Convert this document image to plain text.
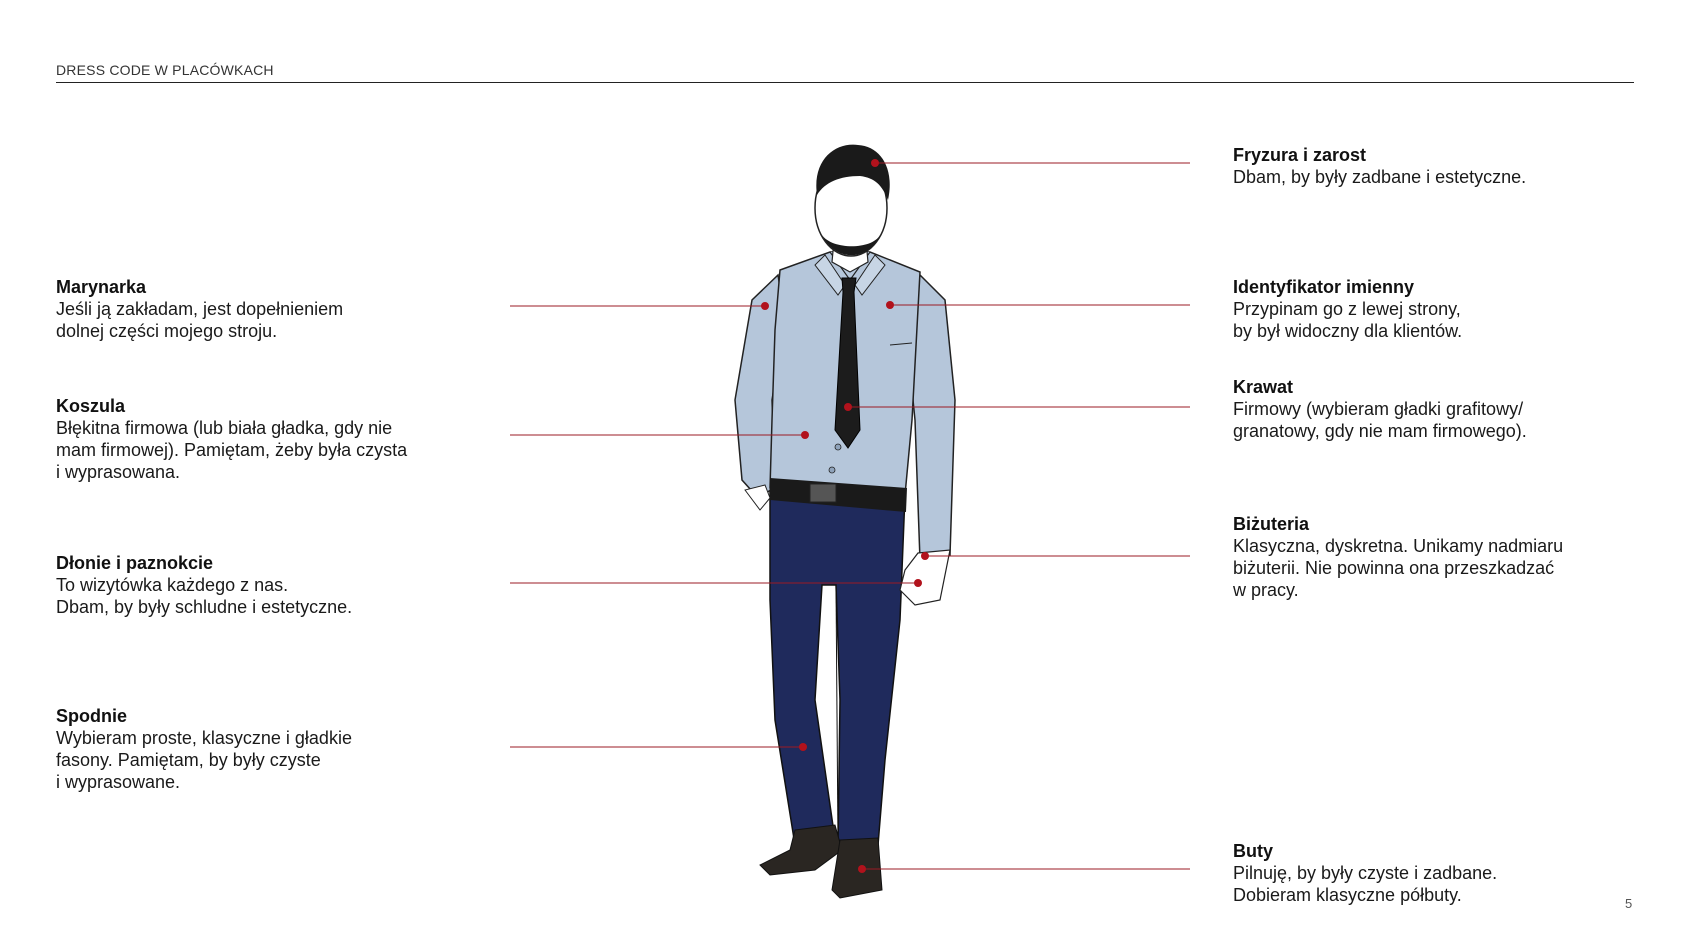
DRESS CODE W PLACÓWKACH
Marynarka
Jeśli ją zakładam, jest dopełnieniem
dolnej części mojego stroju.
Koszula
Błękitna firmowa (lub biała gładka, gdy nie
mam firmowej). Pamiętam, żeby była czysta
i wyprasowana.
Dłonie i paznokcie
To wizytówka każdego z nas.
Dbam, by były schludne i estetyczne.
Spodnie
Wybieram proste, klasyczne i gładkie
fasony. Pamiętam, by były czyste
i wyprasowane.
Fryzura i zarost
Dbam, by były zadbane i estetyczne.
Identyfikator imienny
Przypinam go z lewej strony,
by był widoczny dla klientów.
Krawat
Firmowy (wybieram gładki grafitowy/
granatowy, gdy nie mam firmowego).
Biżuteria
Klasyczna, dyskretna. Unikamy nadmiaru
biżuterii. Nie powinna ona przeszkadzać
w pracy.
Buty
Pilnuję, by były czyste i zadbane.
Dobieram klasyczne półbuty.	5
